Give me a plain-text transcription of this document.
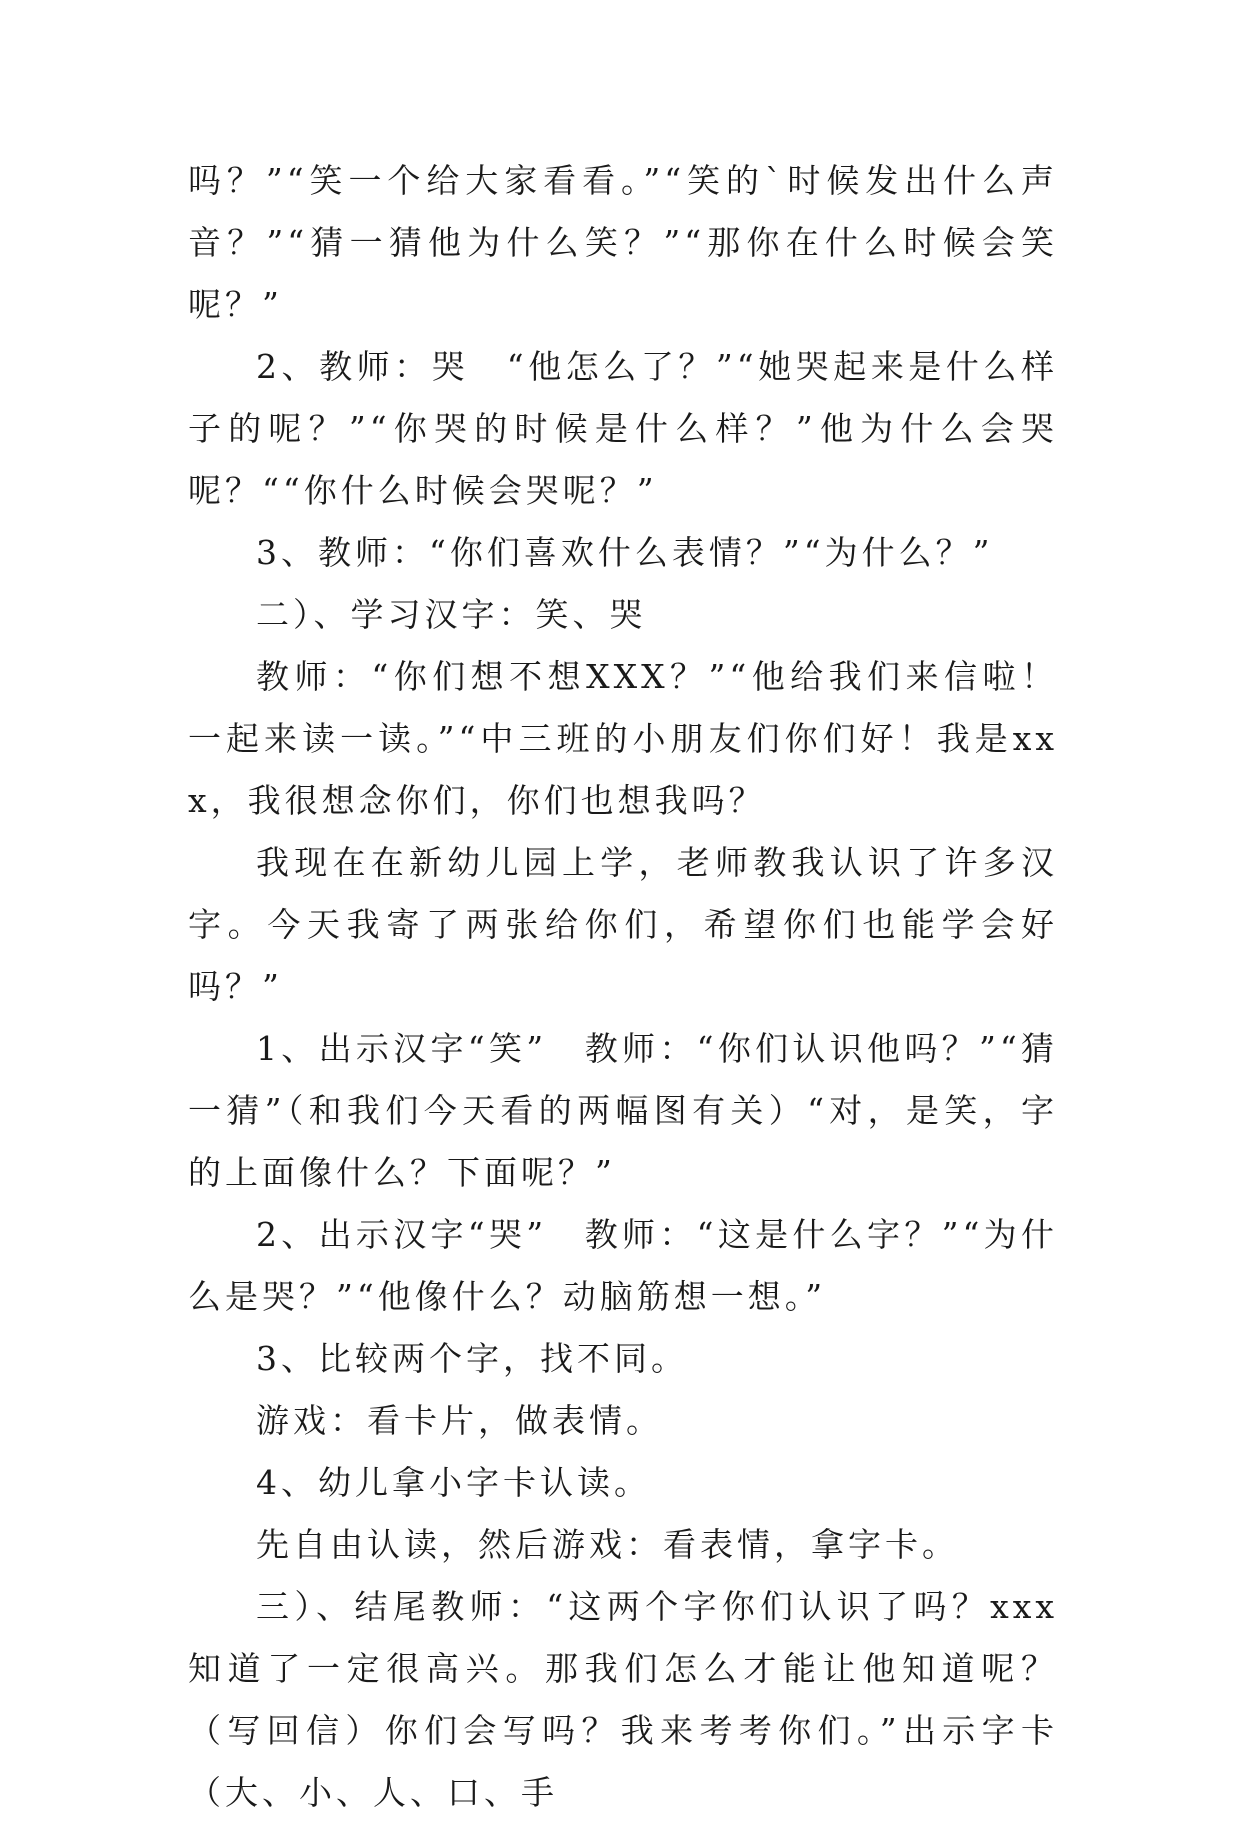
吗？”“笑一个给大家看看。”“笑的`时候发出什么声音？”“猜一猜他为什么笑？”“那你在什么时候会笑呢？”

2、教师：哭　“他怎么了？”“她哭起来是什么样子的呢？”“你哭的时候是什么样？”他为什么会哭呢？““你什么时候会哭呢？”

3、教师：“你们喜欢什么表情？”“为什么？”

二）、学习汉字：笑、哭

教师：“你们想不想XXX？”“他给我们来信啦！一起来读一读。”“中三班的小朋友们你们好！我是xxx，我很想念你们，你们也想我吗？

我现在在新幼儿园上学，老师教我认识了许多汉字。今天我寄了两张给你们，希望你们也能学会好吗？”

1、出示汉字“笑”　教师：“你们认识他吗？”“猜一猜”（和我们今天看的两幅图有关）“对，是笑，字的上面像什么？下面呢？”

2、出示汉字“哭”　教师：“这是什么字？”“为什么是哭？”“他像什么？动脑筋想一想。”

3、比较两个字，找不同。

游戏：看卡片，做表情。

4、幼儿拿小字卡认读。

先自由认读，然后游戏：看表情，拿字卡。

三）、结尾教师：“这两个字你们认识了吗？xxx知道了一定很高兴。那我们怎么才能让他知道呢？（写回信）你们会写吗？我来考考你们。”出示字卡（大、小、人、口、手
